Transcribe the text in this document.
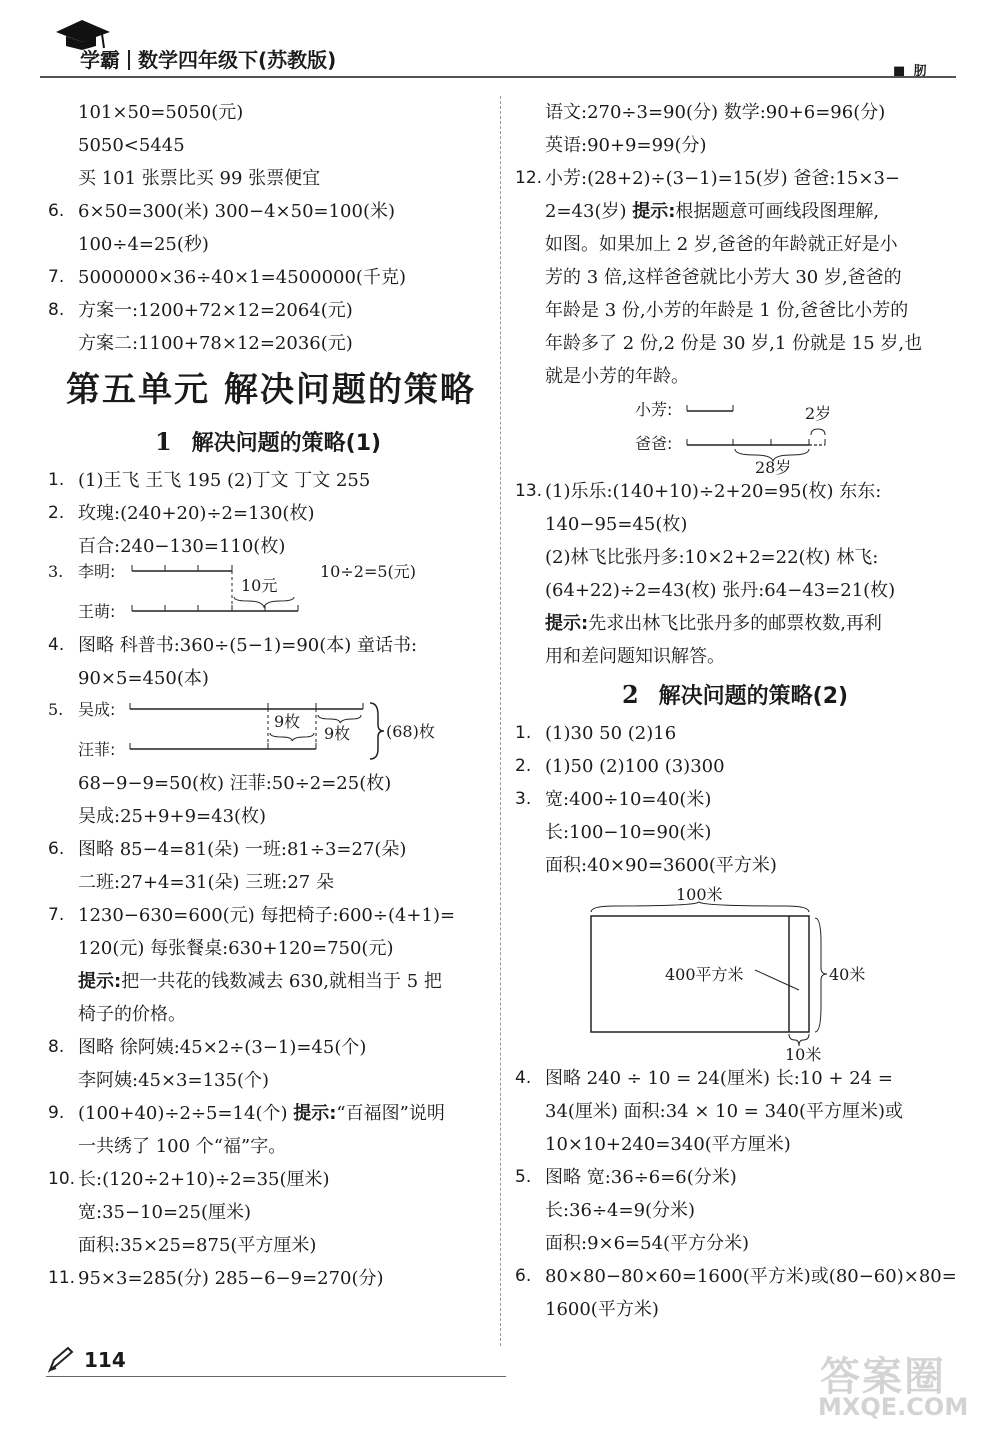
学霸 数学四年级下(苏教版)	■ 肕
101×50=5050(元)
5050<5445
买 101 张票比买 99 张票便宜
6. 6×50=300(米) 300−4×50=100(米)
100÷4=25(秒)
7. 5000000×36÷40×1=4500000(千克)
8. 方案一:1200+72×12=2064(元)
方案二:1100+78×12=2036(元)
第五单元 解决问题的策略
1 解决问题的策略(1)
1. (1)王飞 王飞 195 (2)丁文 丁文 255
2. 玫瑰:(240+20)÷2=130(枚)
百合:240−130=110(枚)
3. 李明:
10元
10÷2=5(元)
王萌:
4. 图略 科普书:360÷(5−1)=90(本) 童话书:
90×5=450(本)
5. 吴成:
9枚
9枚 (68)枚
汪菲:
68−9−9=50(枚) 汪菲:50÷2=25(枚)
吴成:25+9+9=43(枚)
6. 图略 85−4=81(朵) 一班:81÷3=27(朵)
二班:27+4=31(朵) 三班:27 朵
7. 1230−630=600(元) 每把椅子:600÷(4+1)=
120(元) 每张餐桌:630+120=750(元)
提示:把一共花的钱数减去 630,就相当于 5 把
椅子的价格。
8. 图略 徐阿姨:45×2÷(3−1)=45(个)
李阿姨:45×3=135(个)
9. (100+40)÷2÷5=14(个) 提示:“百福图”说明
一共绣了 100 个“福”字。
10. 长:(120÷2+10)÷2=35(厘米)
宽:35−10=25(厘米)
面积:35×25=875(平方厘米)
11. 95×3=285(分) 285−6−9=270(分)
语文:270÷3=90(分) 数学:90+6=96(分)
英语:90+9=99(分)
12. 小芳:(28+2)÷(3−1)=15(岁) 爸爸:15×3−
2=43(岁) 提示:根据题意可画线段图理解,
如图。如果加上 2 岁,爸爸的年龄就正好是小
芳的 3 倍,这样爸爸就比小芳大 30 岁,爸爸的
年龄是 3 份,小芳的年龄是 1 份,爸爸比小芳的
年龄多了 2 份,2 份是 30 岁,1 份就是 15 岁,也
就是小芳的年龄。
小芳:	2岁
爸爸:
28岁
13. (1)乐乐:(140+10)÷2+20=95(枚) 东东:
140−95=45(枚)
(2)林飞比张丹多:10×2+2=22(枚) 林飞:
(64+22)÷2=43(枚) 张丹:64−43=21(枚)
提示:先求出林飞比张丹多的邮票枚数,再利
用和差问题知识解答。
2 解决问题的策略(2)
1. (1)30 50 (2)16
2. (1)50 (2)100 (3)300
3. 宽:400÷10=40(米)
长:100−10=90(米)
面积:40×90=3600(平方米)
100米
400平方米	40米
10米
4. 图略 240 ÷ 10 = 24(厘米) 长:10 + 24 =
34(厘米) 面积:34 × 10 = 340(平方厘米)或
10×10+240=340(平方厘米)
5. 图略 宽:36÷6=6(分米)
长:36÷4=9(分米)
面积:9×6=54(平方分米)
6. 80×80−80×60=1600(平方米)或(80−60)×80=
1600(平方米)
114	答案圈
MXQE.COM
